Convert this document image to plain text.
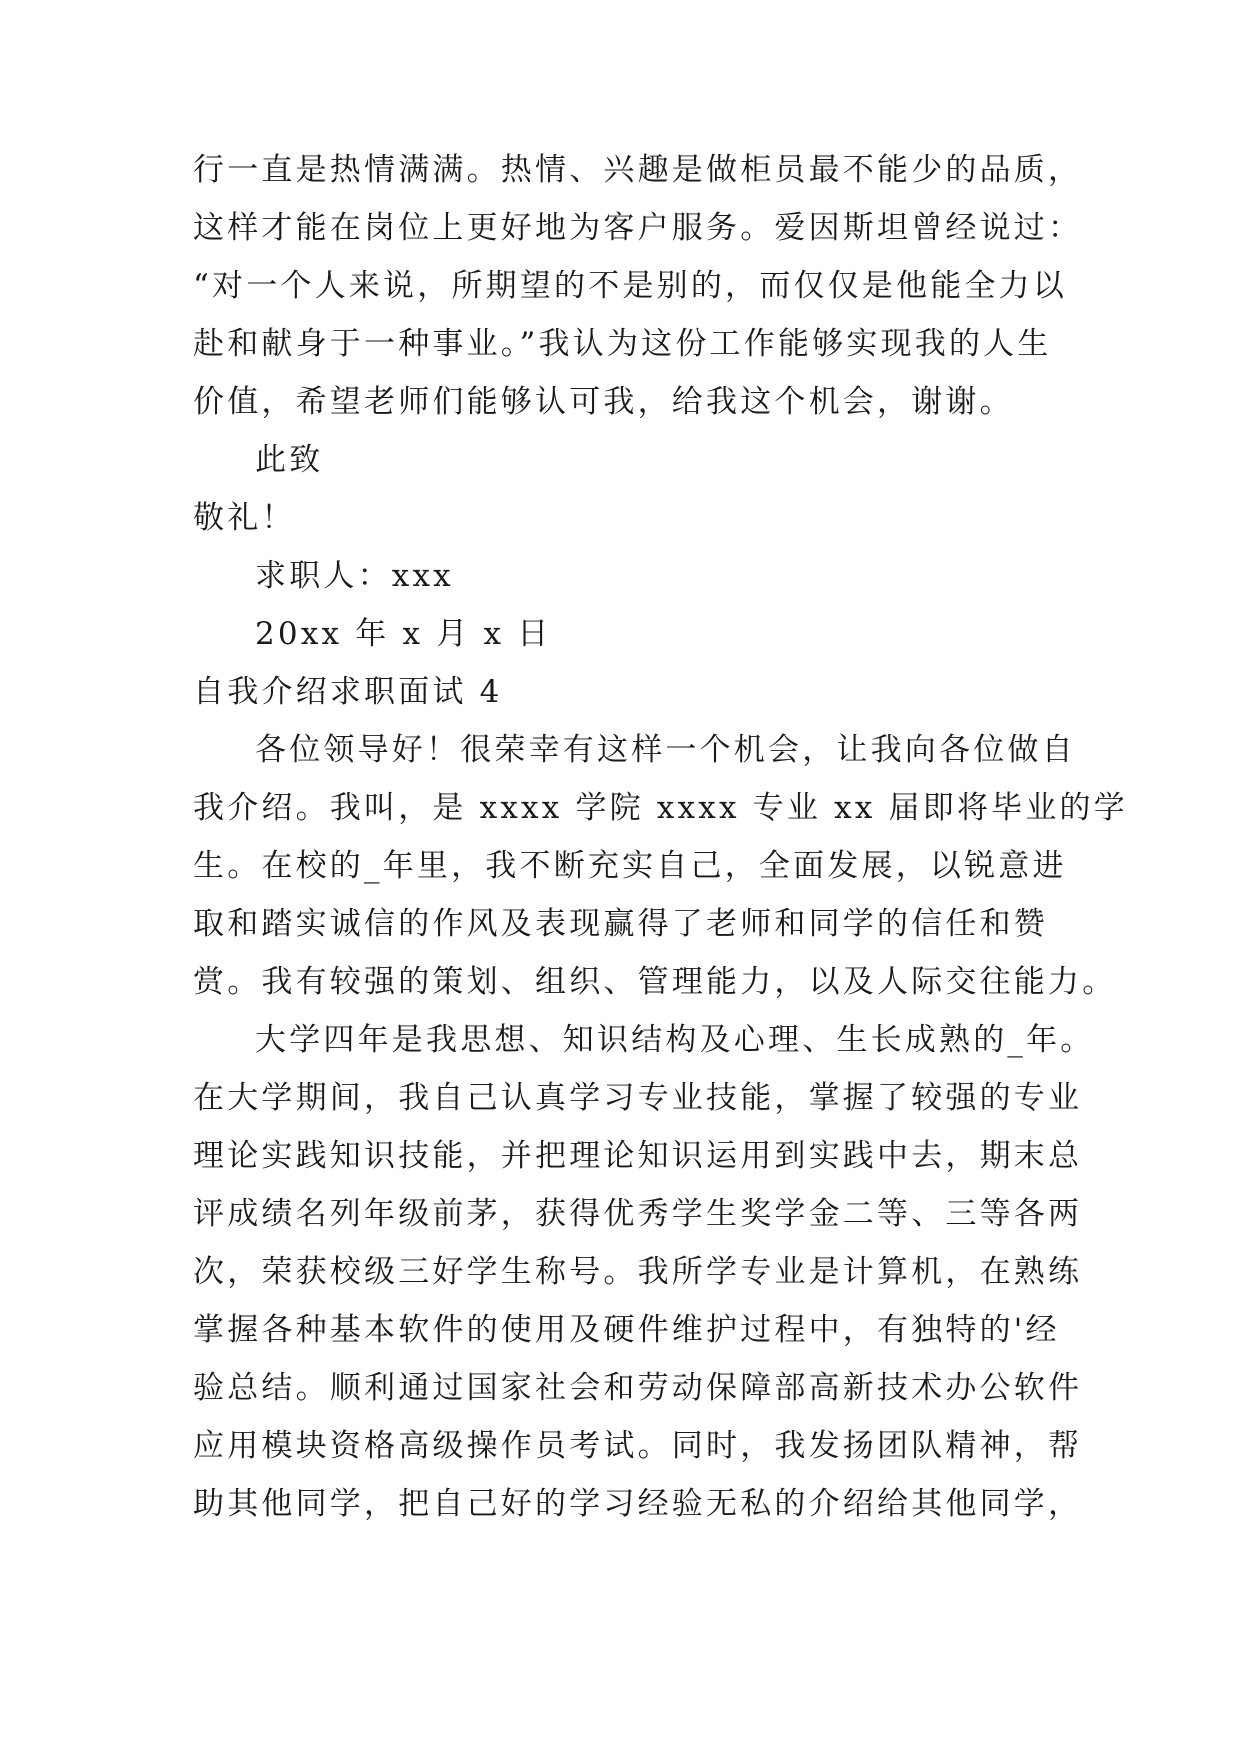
行一直是热情满满。热情、兴趣是做柜员最不能少的品质，
这样才能在岗位上更好地为客户服务。爱因斯坦曾经说过：
“对一个人来说，所期望的不是别的，而仅仅是他能全力以
赴和献身于一种事业。”我认为这份工作能够实现我的人生
价值，希望老师们能够认可我，给我这个机会，谢谢。
此致
敬礼！
求职人：xxx
20xx 年 x 月 x 日
自我介绍求职面试 4
各位领导好！很荣幸有这样一个机会，让我向各位做自
我介绍。我叫，是 xxxx 学院 xxxx 专业 xx 届即将毕业的学
生。在校的_年里，我不断充实自己，全面发展，以锐意进
取和踏实诚信的作风及表现赢得了老师和同学的信任和赞
赏。我有较强的策划、组织、管理能力，以及人际交往能力。
大学四年是我思想、知识结构及心理、生长成熟的_年。
在大学期间，我自己认真学习专业技能，掌握了较强的专业
理论实践知识技能，并把理论知识运用到实践中去，期末总
评成绩名列年级前茅，获得优秀学生奖学金二等、三等各两
次，荣获校级三好学生称号。我所学专业是计算机，在熟练
掌握各种基本软件的使用及硬件维护过程中，有独特的'经
验总结。顺利通过国家社会和劳动保障部高新技术办公软件
应用模块资格高级操作员考试。同时，我发扬团队精神，帮
助其他同学，把自己好的学习经验无私的介绍给其他同学，
